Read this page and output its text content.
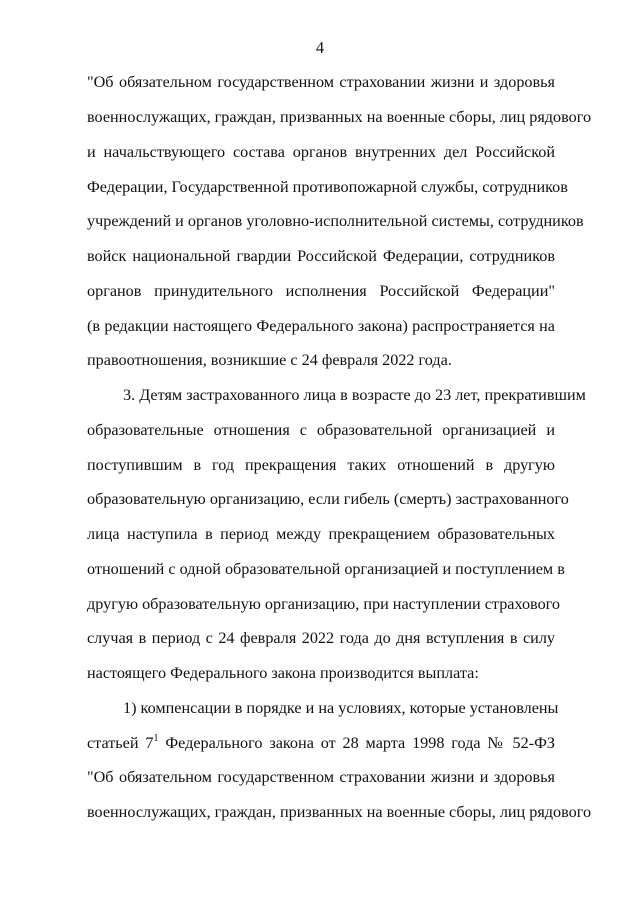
4
"Об обязательном государственном страховании жизни и здоровья
военнослужащих, граждан, призванных на военные сборы, лиц рядового
и начальствующего состава органов внутренних дел Российской
Федерации, Государственной противопожарной службы, сотрудников
учреждений и органов уголовно-исполнительной системы, сотрудников
войск национальной гвардии Российской Федерации, сотрудников
органов принудительного исполнения Российской Федерации"
(в редакции настоящего Федерального закона) распространяется на
правоотношения, возникшие с 24 февраля 2022 года.
3. Детям застрахованного лица в возрасте до 23 лет, прекратившим
образовательные отношения с образовательной организацией и
поступившим в год прекращения таких отношений в другую
образовательную организацию, если гибель (смерть) застрахованного
лица наступила в период между прекращением образовательных
отношений с одной образовательной организацией и поступлением в
другую образовательную организацию, при наступлении страхового
случая в период с 24 февраля 2022 года до дня вступления в силу
настоящего Федерального закона производится выплата:
1) компенсации в порядке и на условиях, которые установлены
статьей $7^1$ Федерального закона от 28 марта 1998 года № 52-ФЗ
"Об обязательном государственном страховании жизни и здоровья
военнослужащих, граждан, призванных на военные сборы, лиц рядового
